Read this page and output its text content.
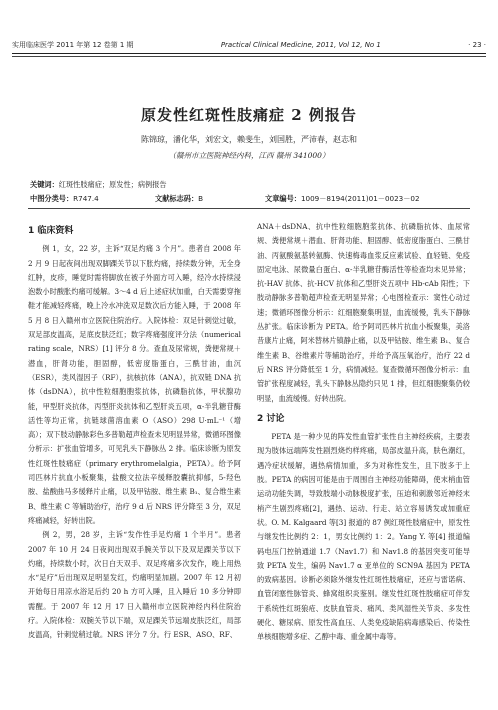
实用临床医学 2011 年第 12 卷第 1 期	Practical Clinical Medicine, 2011, Vol 12, No 1	· 23 ·
原发性红斑性肢痛症 2 例报告
陈锦琼，潘化华，刘宏文，赖斐生，刘国胜，严沛春，赵志和
（赣州市立医院神经内科，江西 赣州 341000）
关键词：红斑性肢痛症；原发性；病例报告
中图分类号：R747.4	文献标志码：B	文章编号：1009－8194(2011)01－0023－02
1 临床资料

例 1，女，22 岁，主诉“双足灼痛 3 个月”。患者自 2008 年 2 月 9 日起夜间出现双脚踝关节以下胀灼痛，持续数分钟，无全身红肿，皮疹，睡觉时需将脚放在被子外面方可入睡，经冷水持续浸泡数小时酸胀灼痛可缓解。3～4 d 后上述症状加重，白天需要穿拖鞋才能减轻疼痛，晚上冷水冲洗双足数次后方能入睡，于 2008 年 5 月 8 日入赣州市立医院住院治疗。入院体检：双足针刺觉过敏，双足部皮温高，足底皮肤泛红；数字疼痛强度评分法（numerical rating scale，NRS）[1] 评分 8 分。查血及尿常规，粪便常规＋潜血，肝肾功能，胆固醇，低密度脂蛋白，三酰甘油，血沉（ESR），类风湿因子（RF），抗核抗体（ANA），抗双链 DNA 抗体（dsDNA），抗中性粒细胞胞浆抗体，抗磷脂抗体，甲状腺功能，甲型肝炎抗体，丙型肝炎抗体和乙型肝炎五项，α-半乳糖苷酶活性等均正常，抗链球菌溶血素 O（ASO）298 U·mL⁻¹（增高）；双下肢动静脉彩色多普勒超声检查未见明显异常，微循环图像分析示：扩张血管增多，可见乳头下静脉丛 2 排。临床诊断为原发性红斑性肢痛症（primary erythromelalgia，PETA）。给予阿司匹林片抗血小板聚集，盐酸文拉法辛缓释胶囊抗抑郁，5-羟色胺、盐酸曲马多缓释片止痛，以及甲钴胺、维生素 B₁、复合维生素 B、维生素 C 等辅助治疗，治疗 9 d 后 NRS 评分降至 3 分，双足疼痛减轻，好转出院。

例 2，男，28 岁，主诉“发作性手足灼痛 1 个半月”。患者 2007 年 10 月 24 日夜间出现双手腕关节以下及双足踝关节以下灼痛，持续数小时，次日白天双手、双足疼痛多次发作，晚上用热水“足疗”后出现双足明显发红，灼痛明显加剧。2007 年 12 月初开始每日用凉水浴足后约 20 h 方可入睡，且入睡后 10 多分钟即需醒。于 2007 年 12 月 17 日入赣州市立医院神经内科住院治疗。入院体检：双腕关节以下端，双足踝关节远端皮肤泛红，局部皮温高，针刺觉稍过敏。NRS 评分 7 分。行 ESR、ASO、RF、

ANA＋dsDNA、抗中性粒细胞胞浆抗体、抗磷脂抗体、血尿常规、粪便常规＋潜血、肝肾功能、胆固醇、低密度脂蛋白、三酰甘油、丙氨酸氨基转氨酶、快速梅毒血浆反应素试验、血轻链、免疫固定电泳、尿微量白蛋白、α-半乳糖苷酶活性等检查均未见异常；抗-HAV 抗体、抗-HCV 抗体和乙型肝炎五项中 Hb-cAb 阳性；下肢动静脉多普勒超声检查无明显异常；心电图检查示：窦性心动过速；微循环图像分析示：红细胞聚集明显，血流缓慢，乳头下静脉丛扩张。临床诊断为 PETA。给予阿司匹林片抗血小板聚集，美洛昔康片止痛，阿米替林片镇静止痛，以及甲钴胺、维生素 B₁、复合维生素 B、谷维素片等辅助治疗，并给予高压氧治疗，治疗 22 d 后 NRS 评分降低至 1 分，病情减轻。复查微循环图像分析示：血管扩张程度减轻，乳头下静脉丛隐约只见 1 排，但红细胞聚集仍较明显，血流缓慢。好转出院。

2 讨论

PETA 是一种少见的阵发性血管扩张性自主神经疾病，主要表现为肢体远端阵发性剧烈烧灼样疼痛，局部皮温升高，肤色潮红，遇冷症状缓解，遇热病情加重，多为对称性发生，且下肢多于上肢。PETA 的病因可能是由于周围自主神经功能障碍，使末梢血管运动功能失调，导致肢端小动脉极度扩张，压迫和刺激邻近神经末梢产生剧烈疼痛[2]，遇热、运动、行走、站立容易诱发或加重症状。O. M. Kalgaard 等[3] 报道的 87 例红斑性肢痛症中，原发性与继发性比例约 2：1，男女比例约 1：2。Yang Y. 等[4] 报道编码电压门控钠通道 1.7（Nav1.7）和 Nav1.8 的基因突变可能导致 PETA 发生，编码 Nav1.7 α 亚单位的 SCN9A 基因为 PETA 的致病基因。诊断必须除外继发性红斑性肢痛症，还应与雷诺病、血管闭塞性脉管炎、蜂窝组织炎鉴别。继发性红斑性肢痛症可伴发于系统性红斑狼疮、皮肤血管炎、痛风、类风湿性关节炎、多发性硬化、糖尿病、原发性高血压、人类免疫缺陷病毒感染后、传染性单核细胞增多症、乙醇中毒、重金属中毒等。
